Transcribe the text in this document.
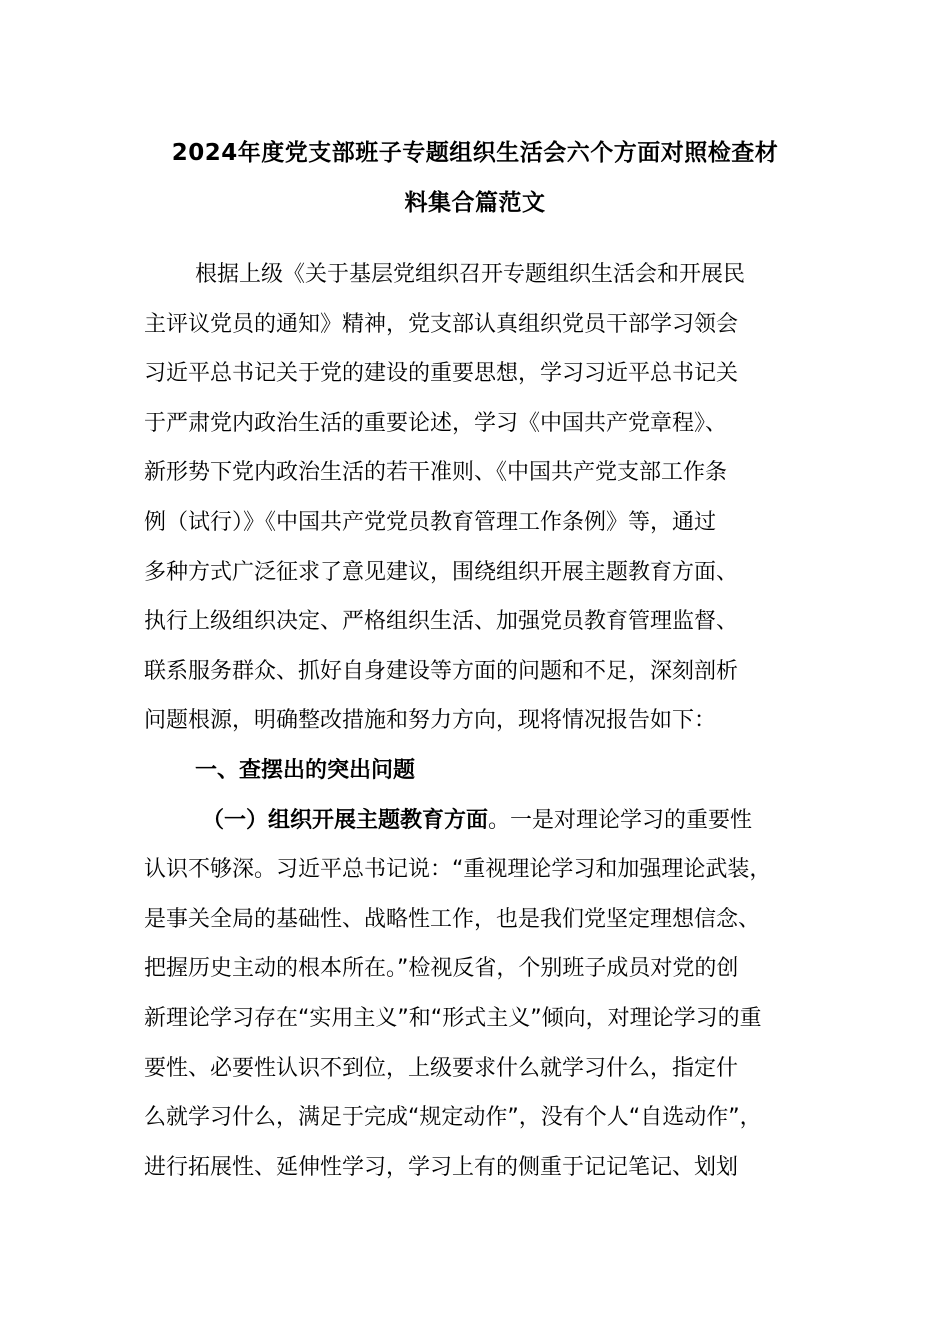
2024年度党支部班子专题组织生活会六个方面对照检查材
料集合篇范文
根据上级《关于基层党组织召开专题组织生活会和开展民
主评议党员的通知》精神，党支部认真组织党员干部学习领会
习近平总书记关于党的建设的重要思想，学习习近平总书记关
于严肃党内政治生活的重要论述，学习《中国共产党章程》、
新形势下党内政治生活的若干准则、《中国共产党支部工作条
例（试行）》《中国共产党党员教育管理工作条例》等，通过
多种方式广泛征求了意见建议，围绕组织开展主题教育方面、
执行上级组织决定、严格组织生活、加强党员教育管理监督、
联系服务群众、抓好自身建设等方面的问题和不足，深刻剖析
问题根源，明确整改措施和努力方向，现将情况报告如下：
一、查摆出的突出问题
（一）组织开展主题教育方面。一是对理论学习的重要性
认识不够深。习近平总书记说：“重视理论学习和加强理论武装，
是事关全局的基础性、战略性工作，也是我们党坚定理想信念、
把握历史主动的根本所在。”检视反省，个别班子成员对党的创
新理论学习存在“实用主义”和“形式主义”倾向，对理论学习的重
要性、必要性认识不到位，上级要求什么就学习什么，指定什
么就学习什么，满足于完成“规定动作”，没有个人“自选动作”，
进行拓展性、延伸性学习，学习上有的侧重于记记笔记、划划
